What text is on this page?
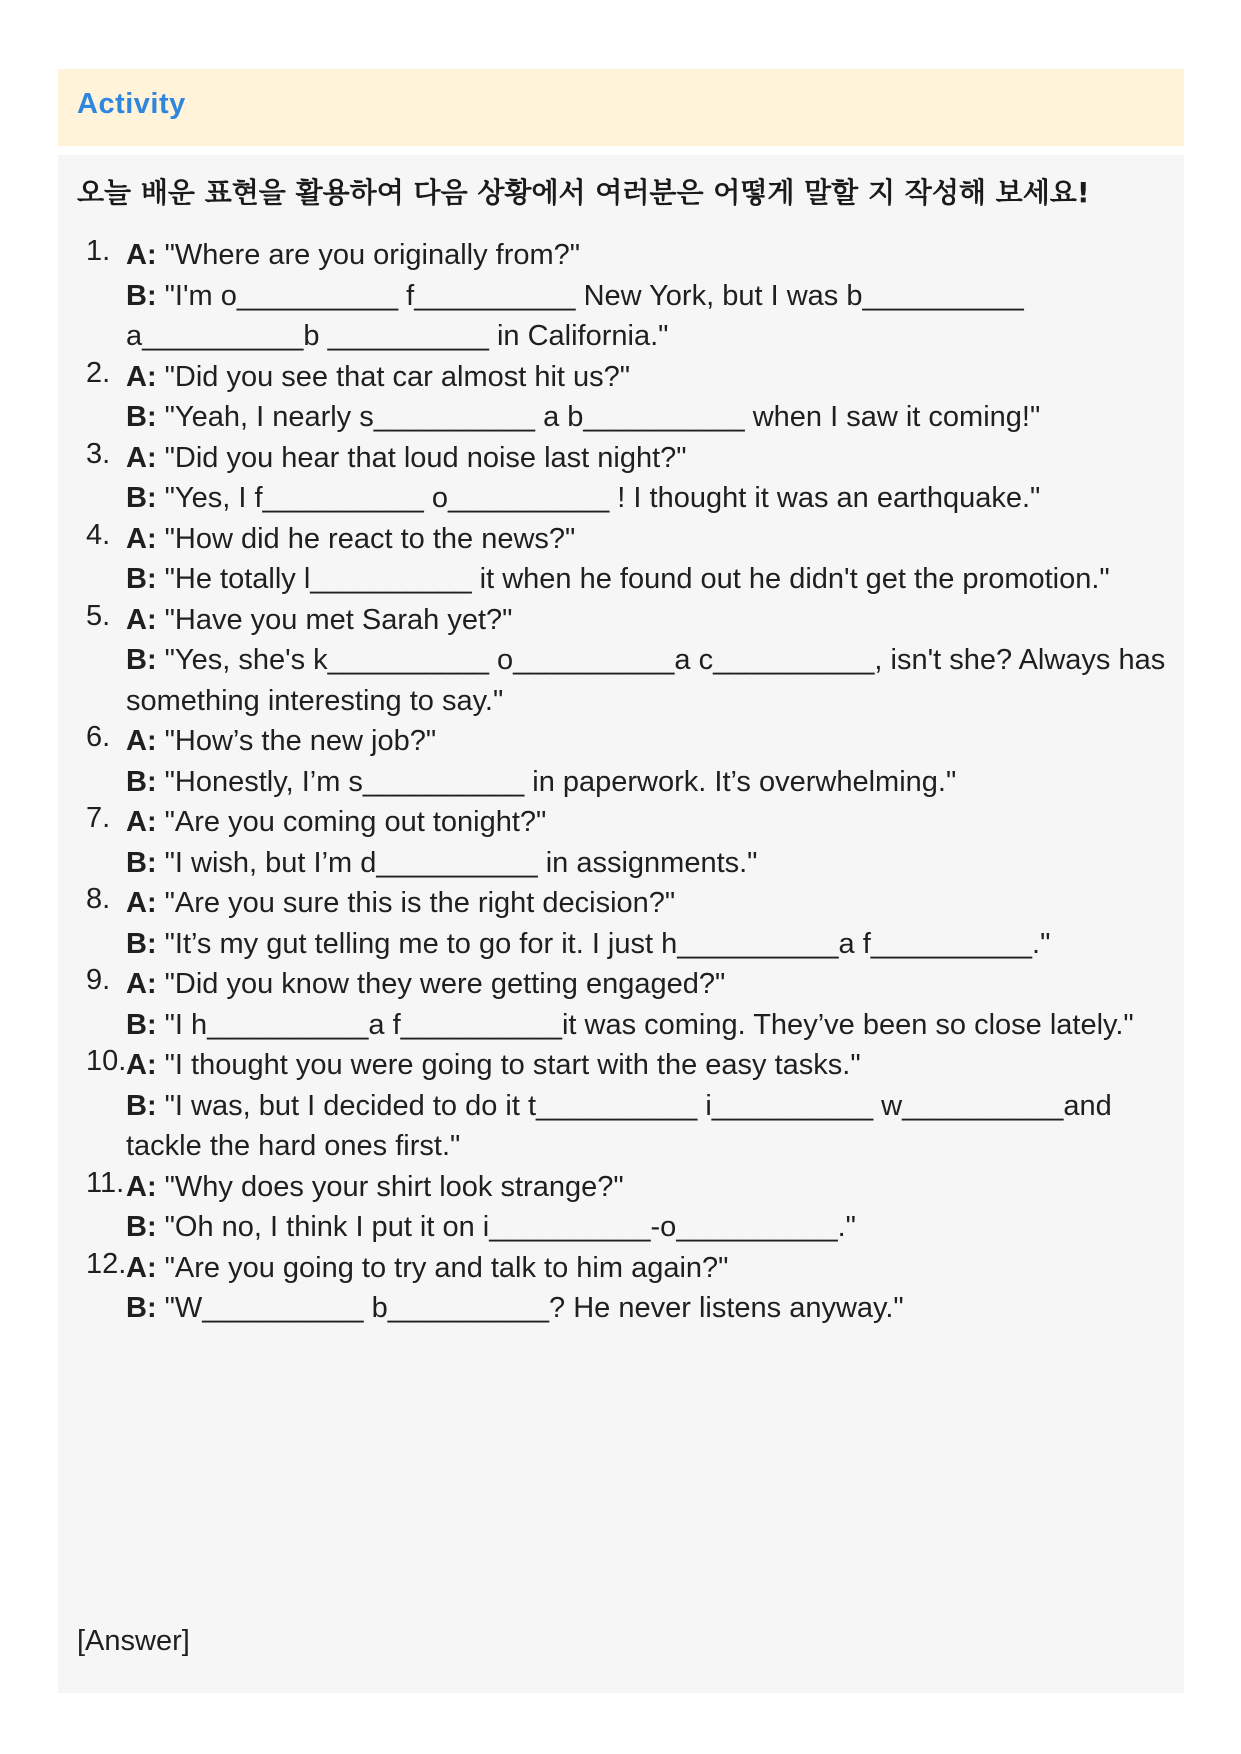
Activity
오늘 배운 표현을 활용하여 다음 상황에서 여러분은 어떻게 말할 지 작성해 보세요!
1. A: "Where are you originally from?"
B: "I'm o__________ f__________ New York, but I was b__________ a__________b __________ in California."
2. A: "Did you see that car almost hit us?"
B: "Yeah, I nearly s__________ a b__________ when I saw it coming!"
3. A: "Did you hear that loud noise last night?"
B: "Yes, I f__________ o__________ ! I thought it was an earthquake."
4. A: "How did he react to the news?"
B: "He totally l__________ it when he found out he didn't get the promotion."
5. A: "Have you met Sarah yet?"
B: "Yes, she's k__________ o__________a c__________, isn't she? Always has something interesting to say."
6. A: "How’s the new job?"
B: "Honestly, I’m s__________ in paperwork. It’s overwhelming."
7. A: "Are you coming out tonight?"
B: "I wish, but I’m d__________ in assignments."
8. A: "Are you sure this is the right decision?"
B: "It’s my gut telling me to go for it. I just h__________a f__________."
9. A: "Did you know they were getting engaged?"
B: "I h__________a f__________it was coming. They’ve been so close lately."
10. A: "I thought you were going to start with the easy tasks."
B: "I was, but I decided to do it t__________ i__________ w__________and tackle the hard ones first."
11. A: "Why does your shirt look strange?"
B: "Oh no, I think I put it on i__________-o__________."
12. A: "Are you going to try and talk to him again?"
B: "W__________ b__________? He never listens anyway."
[Answer]
